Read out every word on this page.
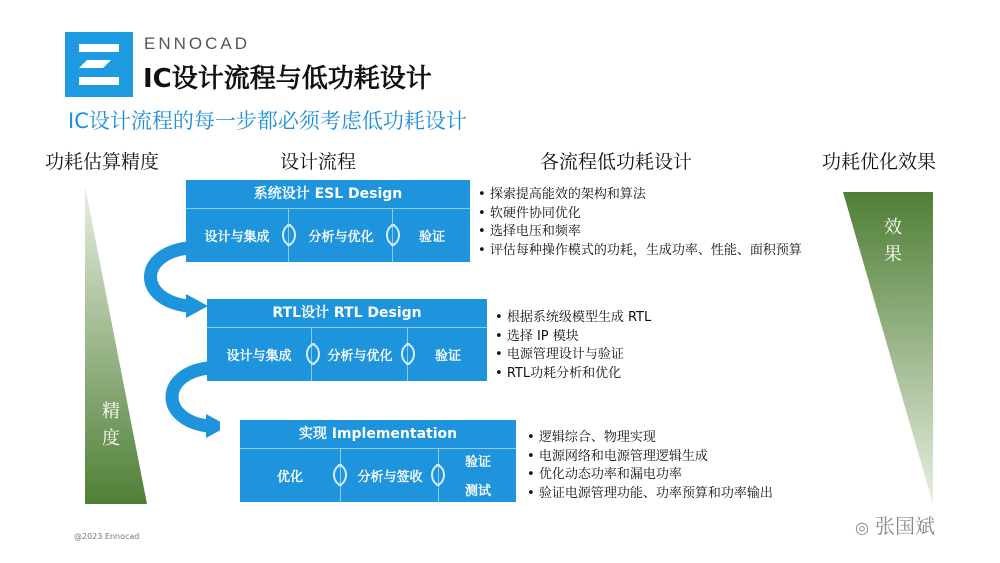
ENNOCAD
IC设计流程与低功耗设计
IC设计流程的每一步都必须考虑低功耗设计
功耗估算精度	设计流程	各流程低功耗设计	功耗优化效果
精
度
效
果
系统设计 ESL Design
设计与集成	分析与优化	验证
• 探索提高能效的架构和算法
• 软硬件协同优化
• 选择电压和频率
• 评估每种操作模式的功耗，生成功率、性能、面积预算
RTL设计 RTL Design
设计与集成	分析与优化	验证
• 根据系统级模型生成 RTL
• 选择 IP 模块
• 电源管理设计与验证
• RTL功耗分析和优化
实现 Implementation
优化	分析与签收
验证
测试
• 逻辑综合、物理实现
• 电源网络和电源管理逻辑生成
• 优化动态功率和漏电功率
• 验证电源管理功能、功率预算和功率输出
@2023 Ennocad	◎ 张国斌
